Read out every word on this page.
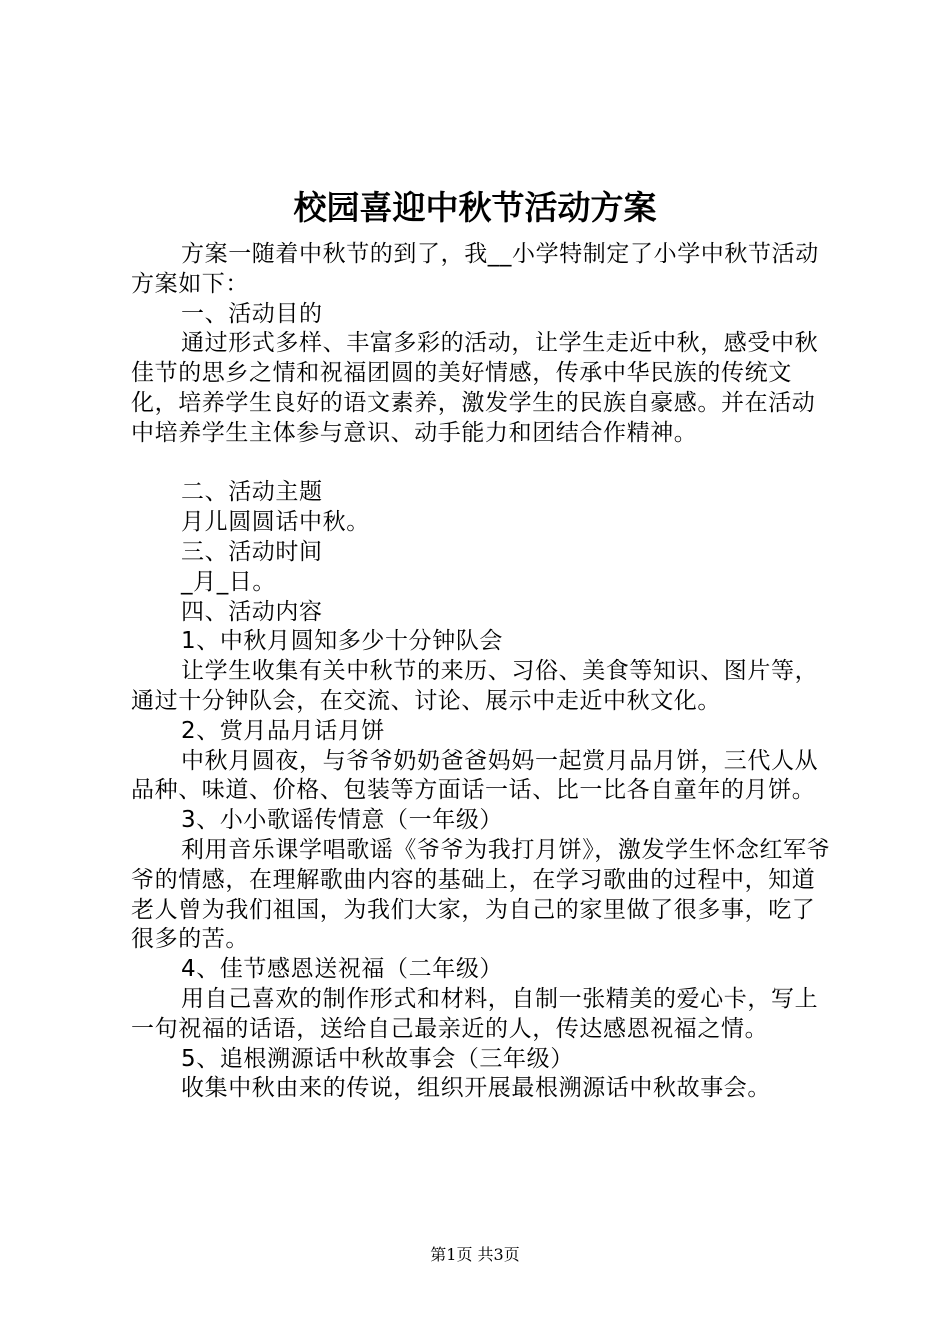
校园喜迎中秋节活动方案

方案一随着中秋节的到了，我__小学特制定了小学中秋节活动方案如下：

一、活动目的

通过形式多样、丰富多彩的活动，让学生走近中秋，感受中秋佳节的思乡之情和祝福团圆的美好情感，传承中华民族的传统文化，培养学生良好的语文素养，激发学生的民族自豪感。并在活动中培养学生主体参与意识、动手能力和团结合作精神。

二、活动主题

月儿圆圆话中秋。

三、活动时间

_月_日。

四、活动内容

1、中秋月圆知多少十分钟队会

让学生收集有关中秋节的来历、习俗、美食等知识、图片等，通过十分钟队会，在交流、讨论、展示中走近中秋文化。

2、赏月品月话月饼

中秋月圆夜，与爷爷奶奶爸爸妈妈一起赏月品月饼，三代人从品种、味道、价格、包装等方面话一话、比一比各自童年的月饼。

3、小小歌谣传情意（一年级）

利用音乐课学唱歌谣《爷爷为我打月饼》，激发学生怀念红军爷爷的情感，在理解歌曲内容的基础上，在学习歌曲的过程中，知道老人曾为我们祖国，为我们大家，为自己的家里做了很多事，吃了很多的苦。

4、佳节感恩送祝福（二年级）

用自己喜欢的制作形式和材料，自制一张精美的爱心卡，写上一句祝福的话语，送给自己最亲近的人，传达感恩祝福之情。

5、追根溯源话中秋故事会（三年级）

收集中秋由来的传说，组织开展最根溯源话中秋故事会。

第1页 共3页
